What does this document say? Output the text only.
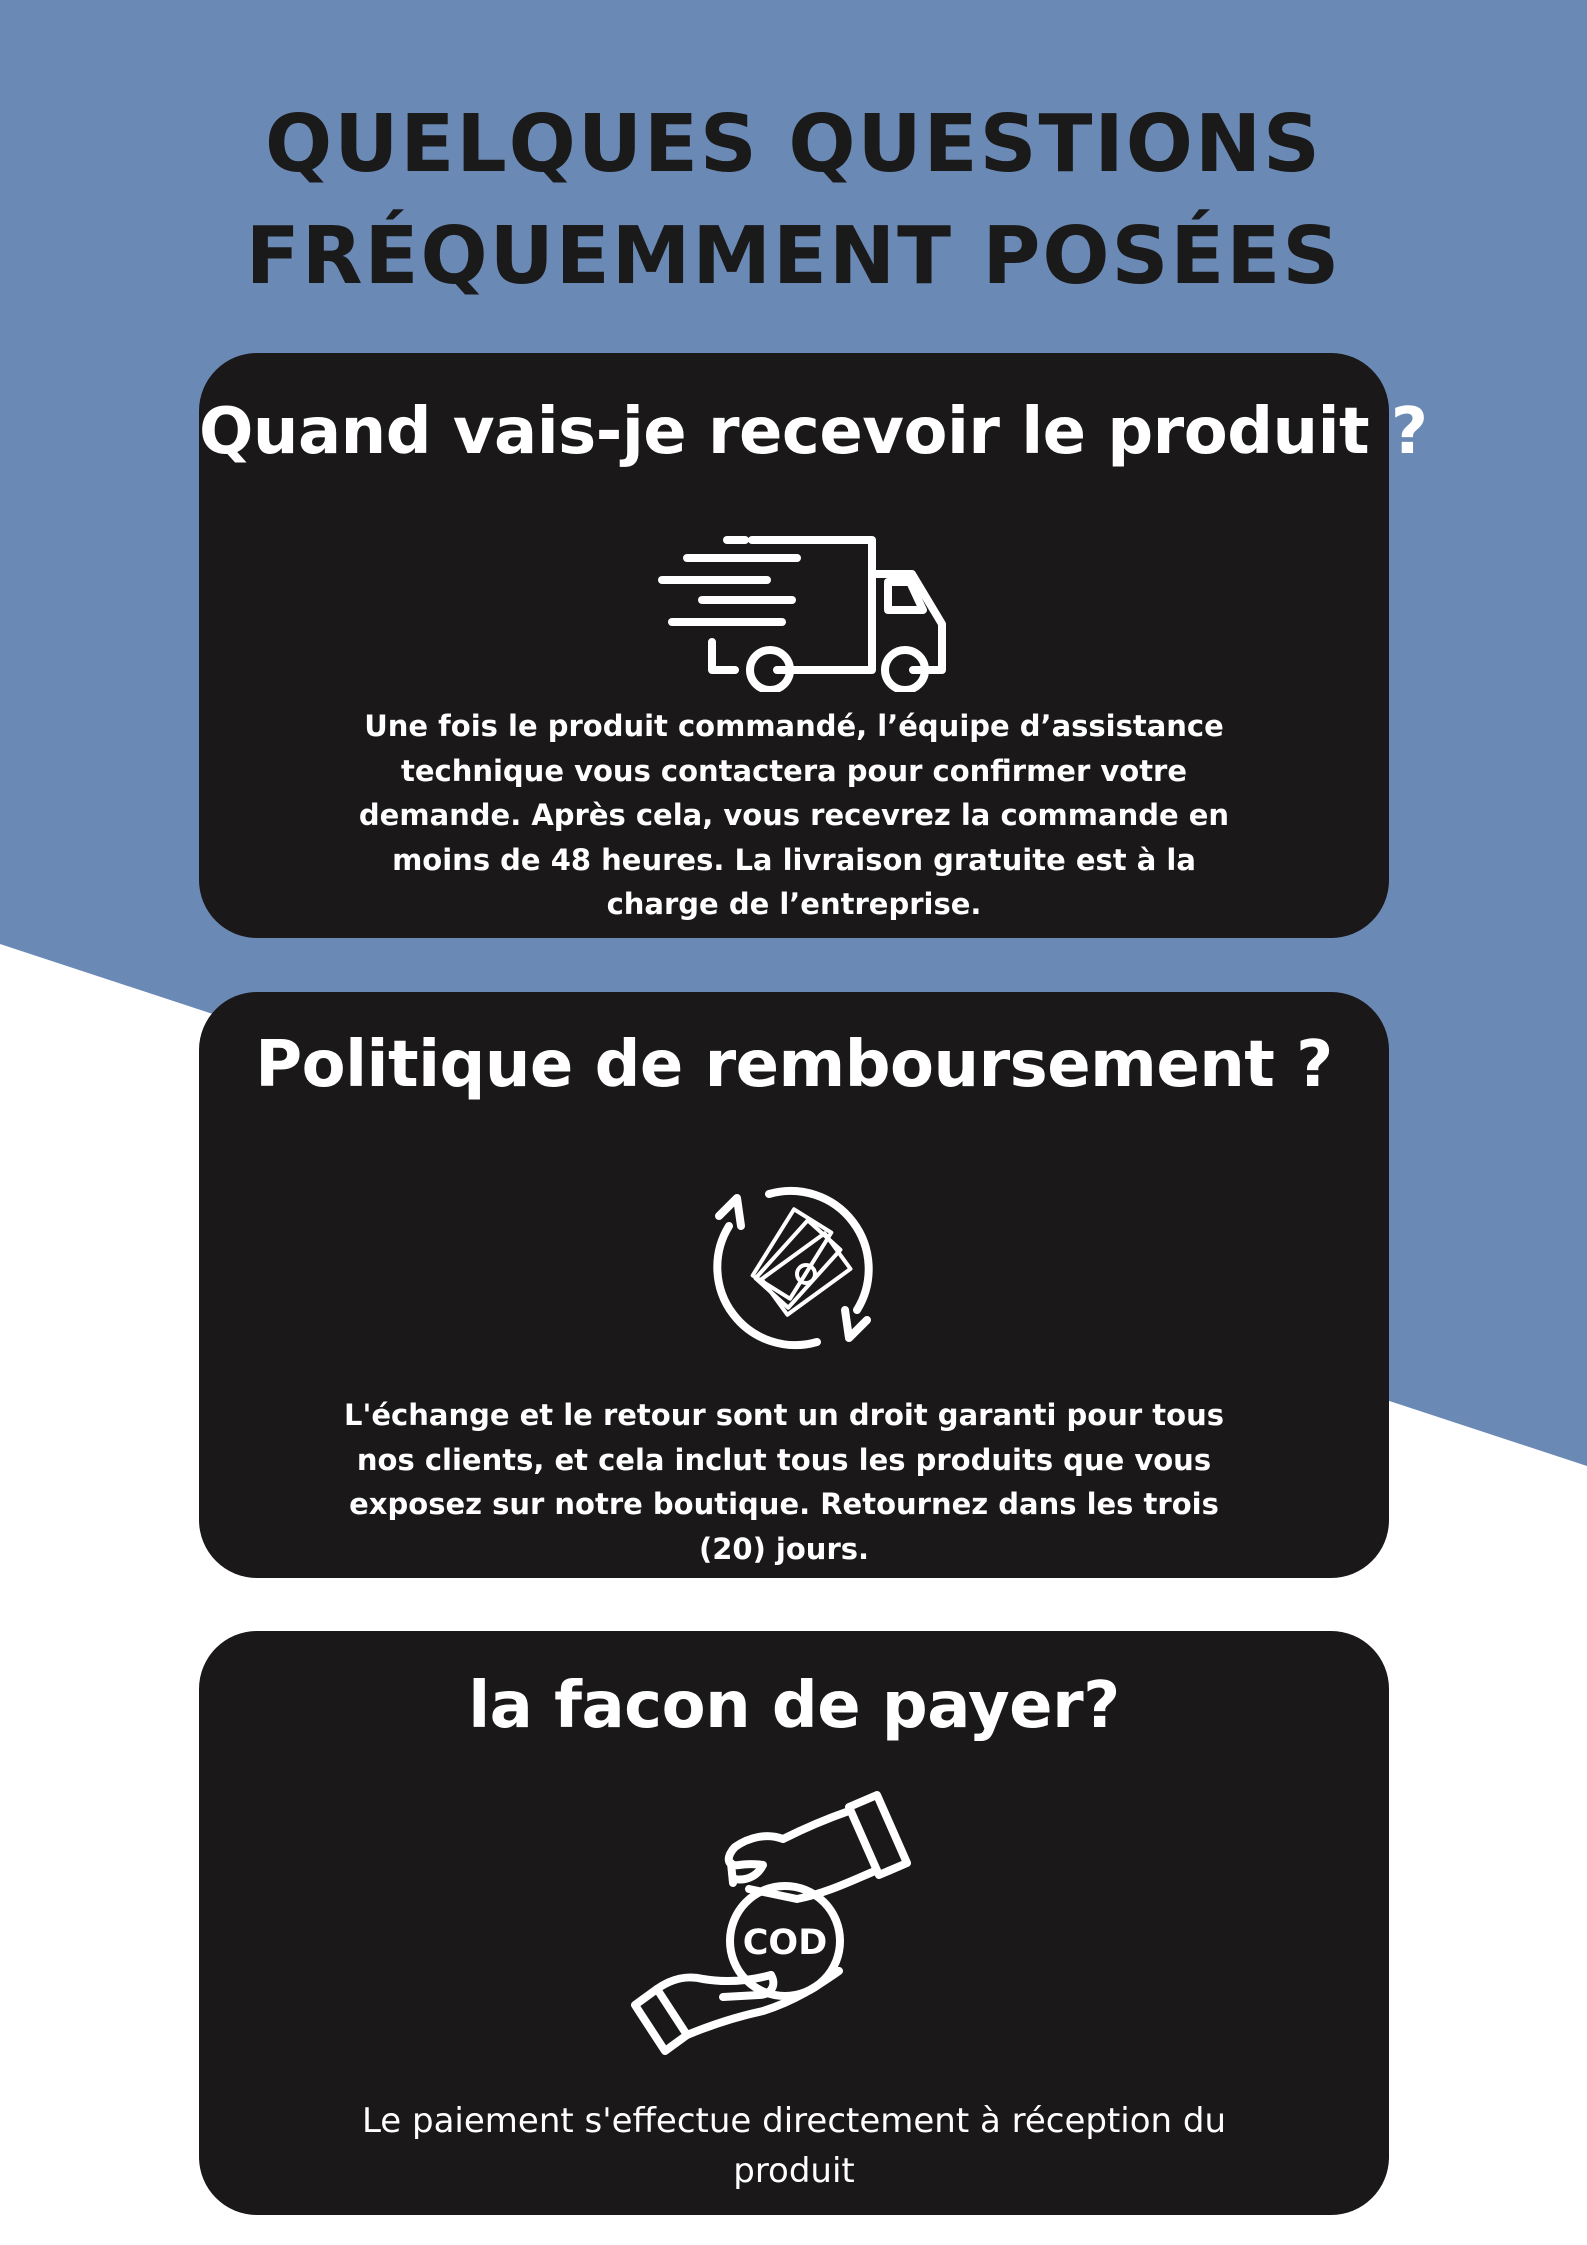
QUELQUES QUESTIONS
FRÉQUEMMENT POSÉES
Quand vais-je recevoir le produit ?
Une fois le produit commandé, l’équipe d’assistance technique vous contactera pour confirmer votre demande. Après cela, vous recevrez la commande en moins de 48 heures. La livraison gratuite est à la charge de l’entreprise.
Politique de remboursement ?
L'échange et le retour sont un droit garanti pour tous nos clients, et cela inclut tous les produits que vous exposez sur notre boutique. Retournez dans les trois (20) jours.
la facon de payer?
COD
Le paiement s'effectue directement à réception du produit
